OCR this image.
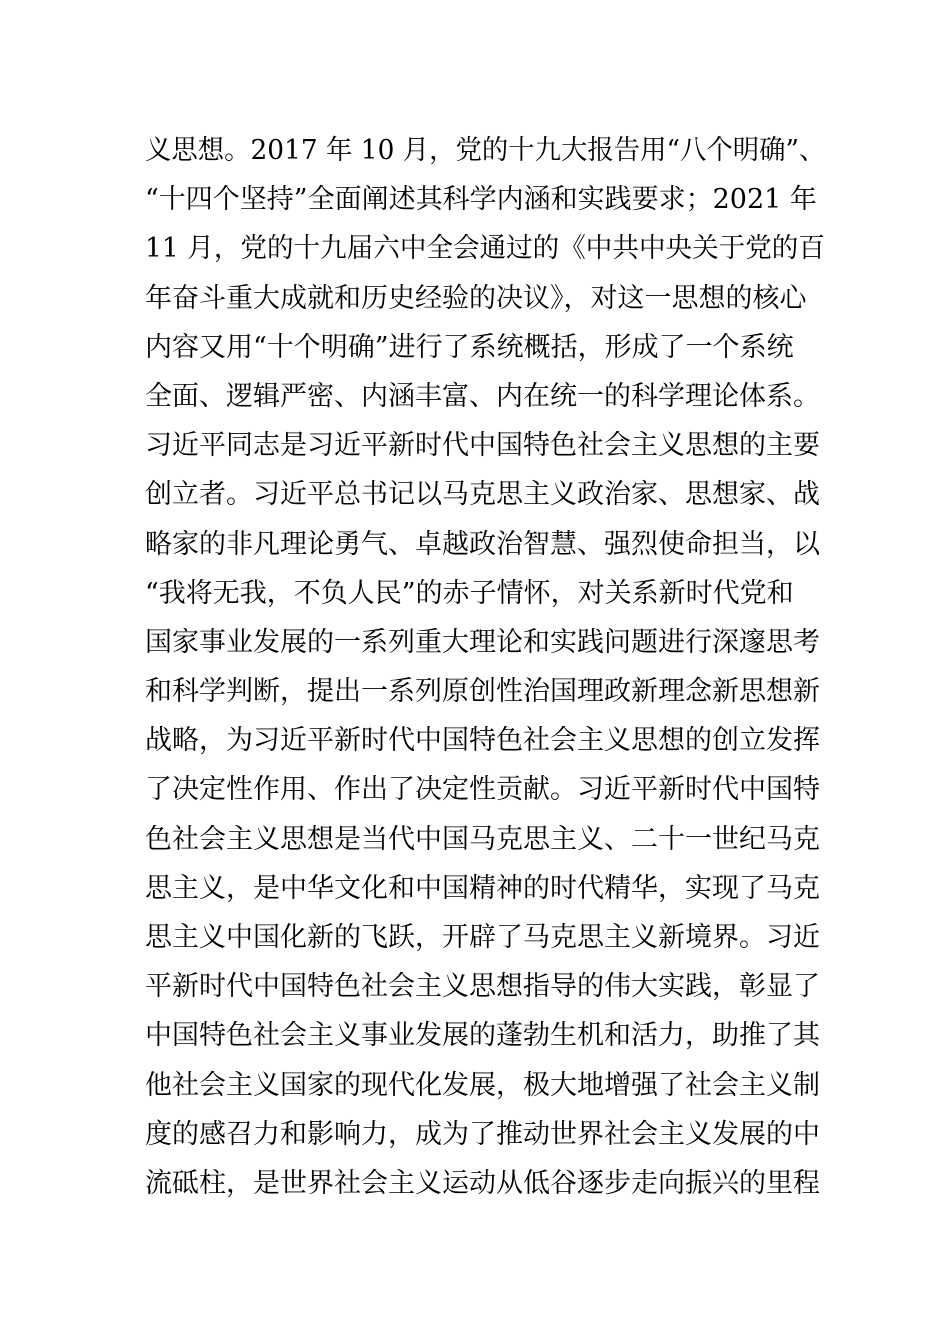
义思想。2017 年 10 月，党的十九大报告用“八个明确”、
“十四个坚持”全面阐述其科学内涵和实践要求；2021 年
11 月，党的十九届六中全会通过的《中共中央关于党的百
年奋斗重大成就和历史经验的决议》，对这一思想的核心
内容又用“十个明确”进行了系统概括，形成了一个系统
全面、逻辑严密、内涵丰富、内在统一的科学理论体系。
习近平同志是习近平新时代中国特色社会主义思想的主要
创立者。习近平总书记以马克思主义政治家、思想家、战
略家的非凡理论勇气、卓越政治智慧、强烈使命担当，以
“我将无我，不负人民”的赤子情怀，对关系新时代党和
国家事业发展的一系列重大理论和实践问题进行深邃思考
和科学判断，提出一系列原创性治国理政新理念新思想新
战略，为习近平新时代中国特色社会主义思想的创立发挥
了决定性作用、作出了决定性贡献。习近平新时代中国特
色社会主义思想是当代中国马克思主义、二十一世纪马克
思主义，是中华文化和中国精神的时代精华，实现了马克
思主义中国化新的飞跃，开辟了马克思主义新境界。习近
平新时代中国特色社会主义思想指导的伟大实践，彰显了
中国特色社会主义事业发展的蓬勃生机和活力，助推了其
他社会主义国家的现代化发展，极大地增强了社会主义制
度的感召力和影响力，成为了推动世界社会主义发展的中
流砥柱，是世界社会主义运动从低谷逐步走向振兴的里程
